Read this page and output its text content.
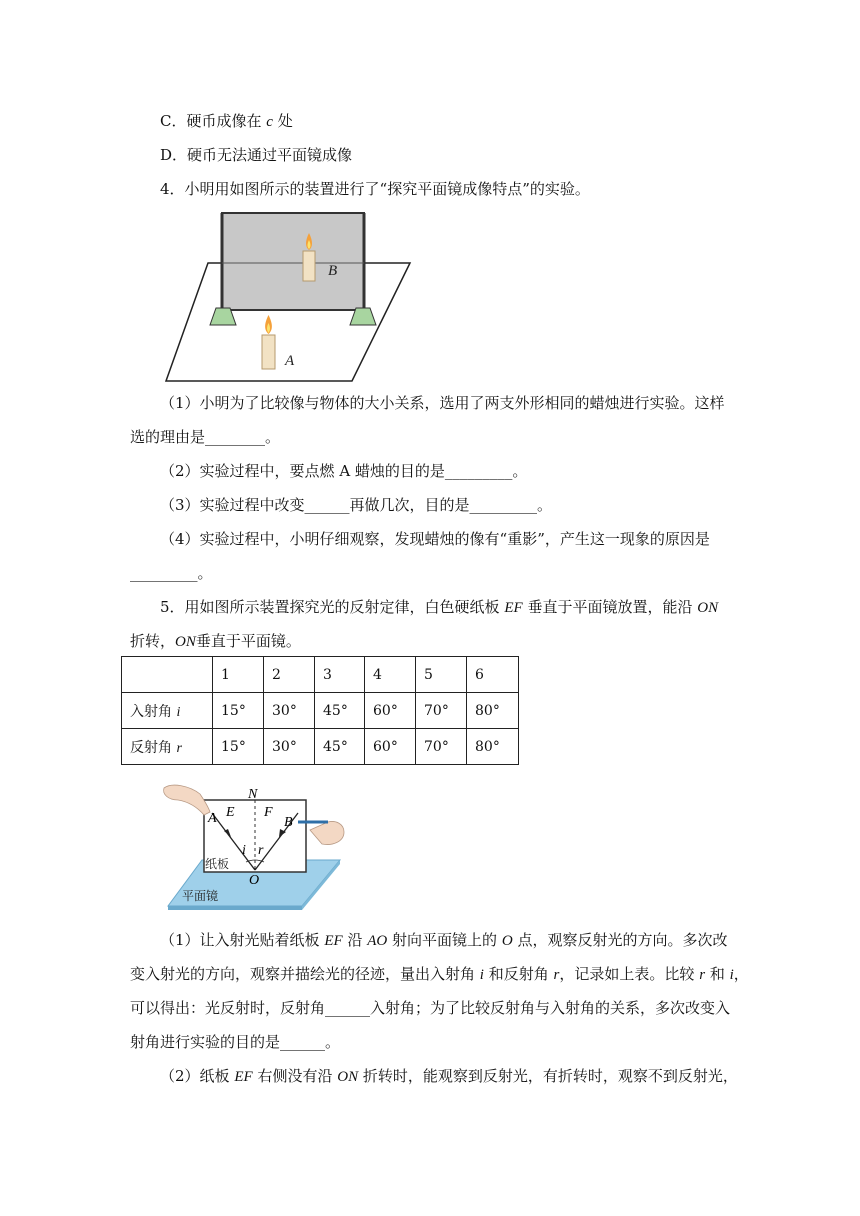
C．硬币成像在 c 处
D．硬币无法通过平面镜成像
4．小明用如图所示的装置进行了“探究平面镜成像特点”的实验。
B
A
（1）小明为了比较像与物体的大小关系，选用了两支外形相同的蜡烛进行实验。这样
选的理由是________。
（2）实验过程中，要点燃 A 蜡烛的目的是_________。
（3）实验过程中改变______再做几次，目的是_________。
（4）实验过程中，小明仔细观察，发现蜡烛的像有“重影”，产生这一现象的原因是
_________。
5．用如图所示装置探究光的反射定律，白色硬纸板 EF 垂直于平面镜放置，能沿 ON
折转，ON垂直于平面镜。
	1	2	3	4	5	6
入射角 i	15°	30°	45°	60°	70°	80°
反射角 r	15°	30°	45°	60°	70°	80°
N
E F
A	B
i r
O
纸板
平面镜
（1）让入射光贴着纸板 EF 沿 AO 射向平面镜上的 O 点，观察反射光的方向。多次改
变入射光的方向，观察并描绘光的径迹，量出入射角 i 和反射角 r，记录如上表。比较 r 和 i，
可以得出：光反射时，反射角______入射角；为了比较反射角与入射角的关系，多次改变入
射角进行实验的目的是______。
（2）纸板 EF 右侧没有沿 ON 折转时，能观察到反射光，有折转时，观察不到反射光，
